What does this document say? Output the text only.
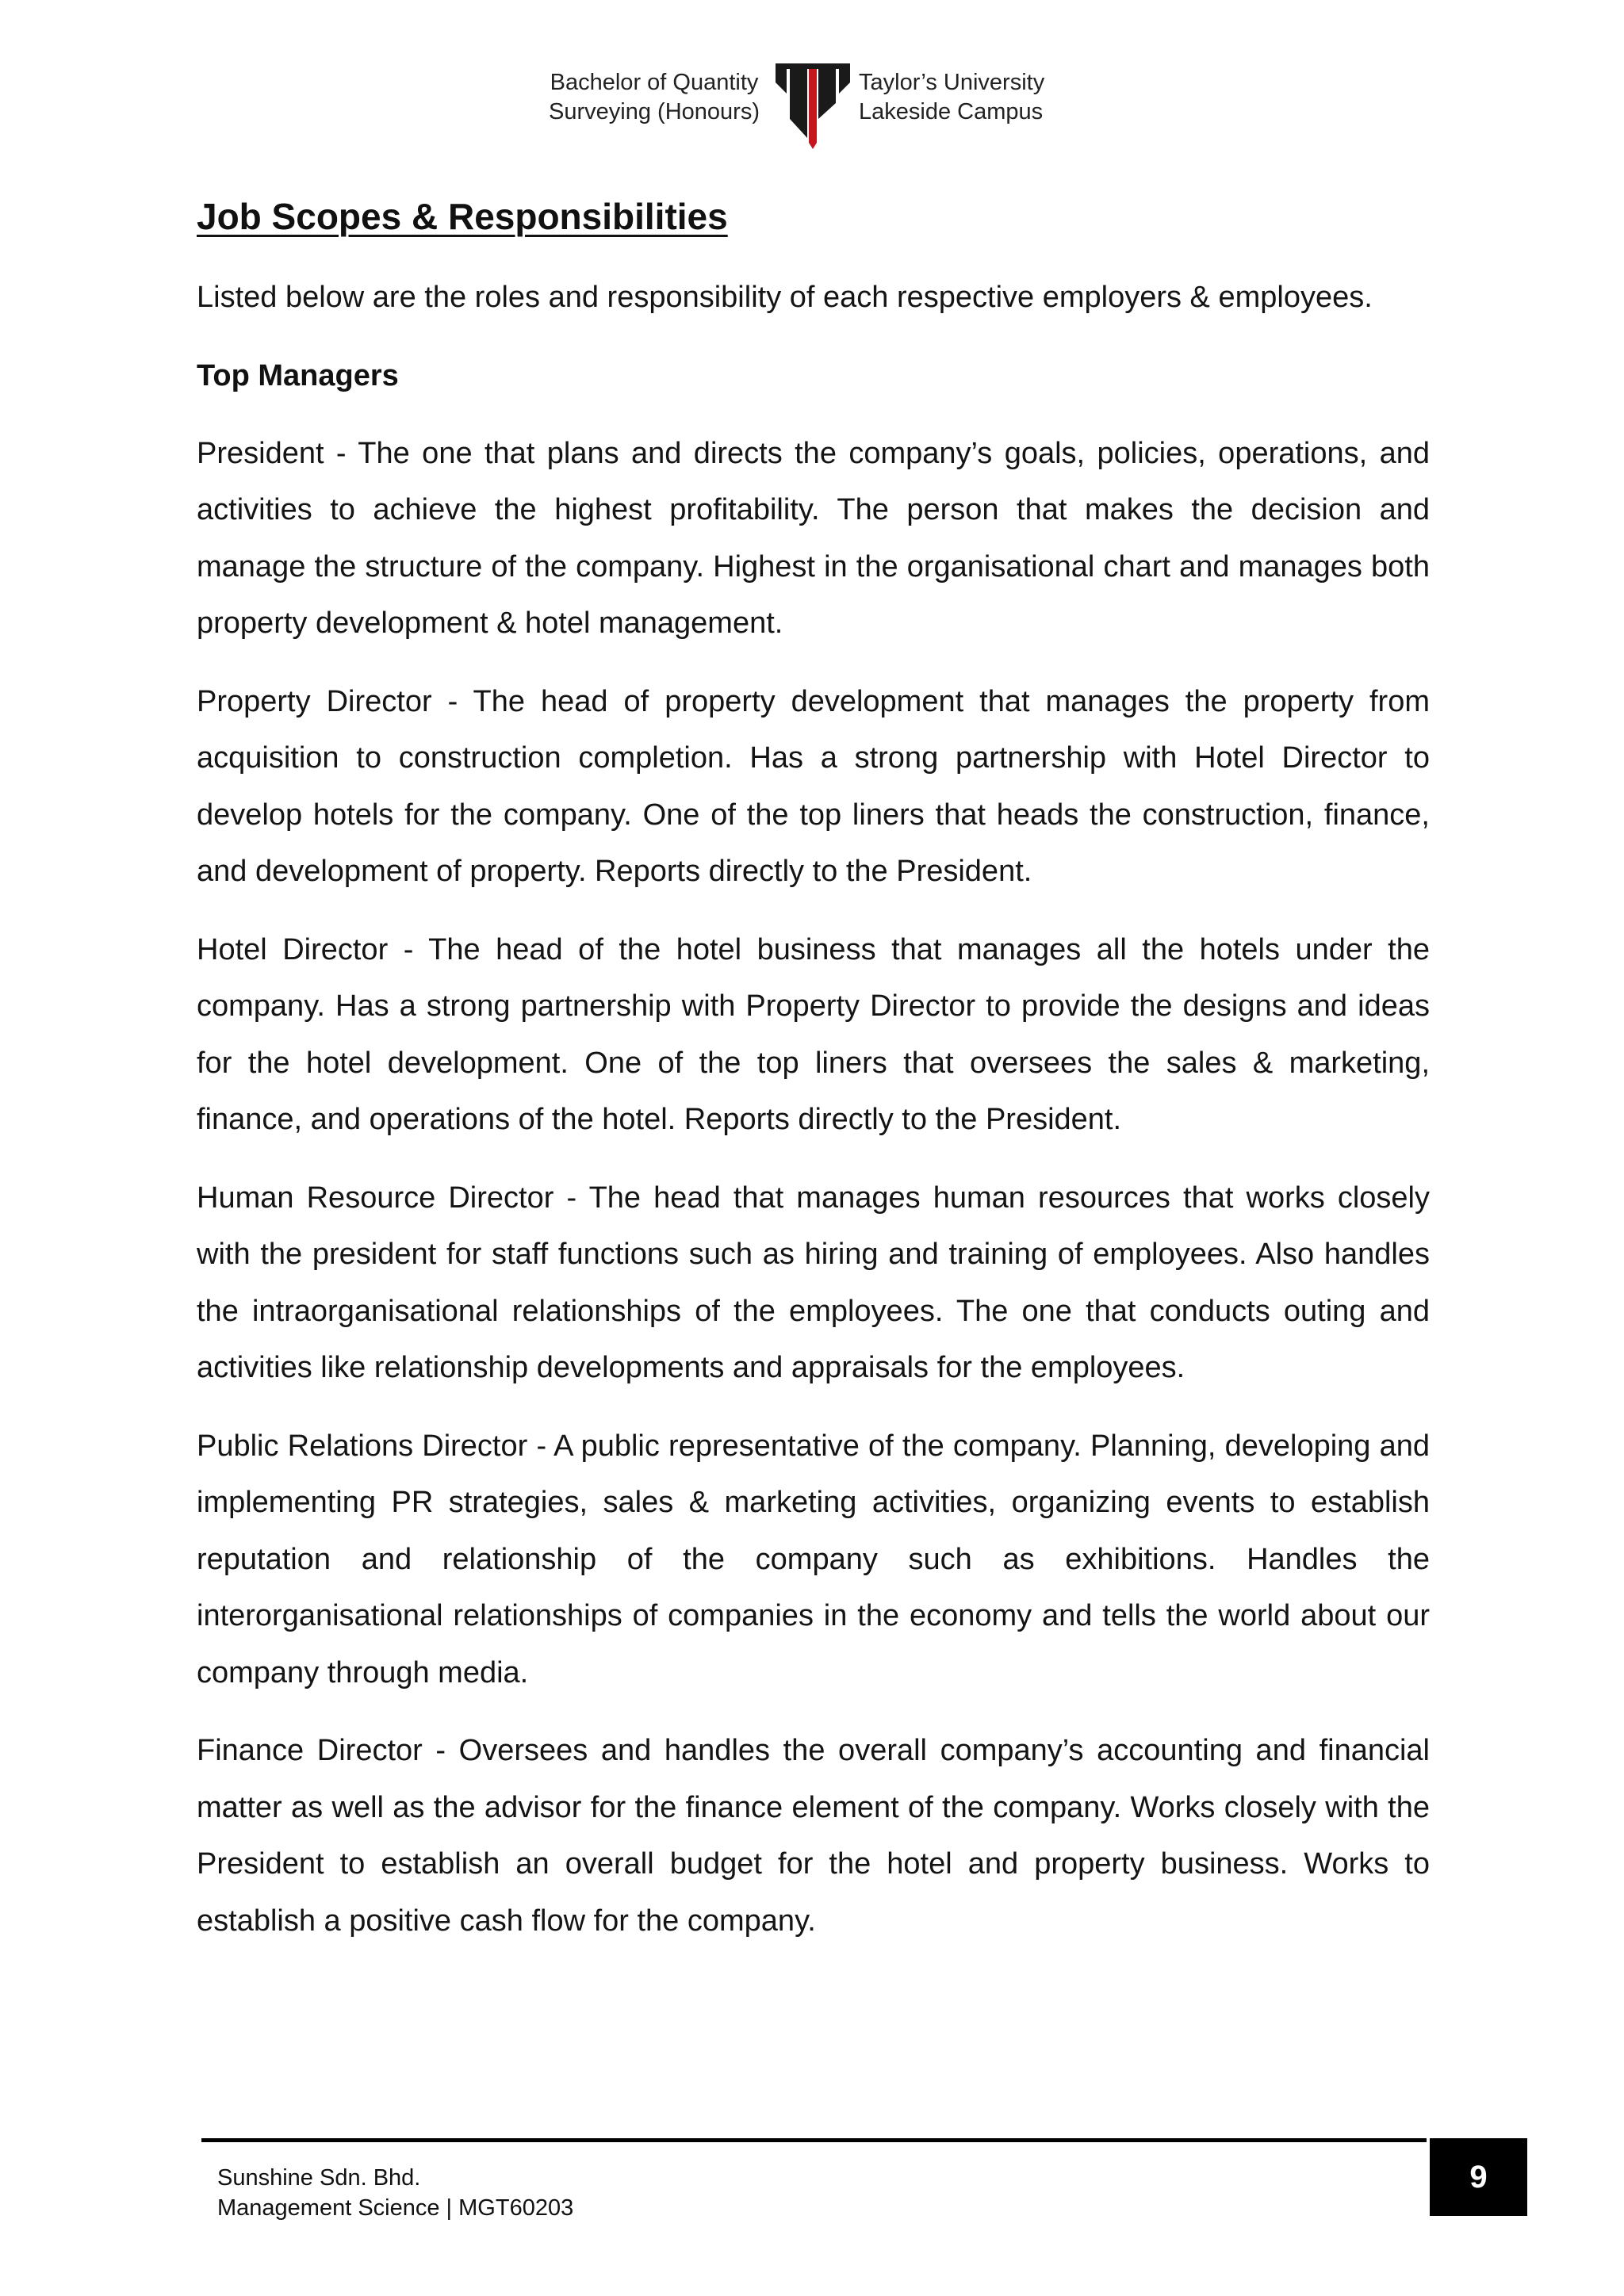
Bachelor of Quantity
Surveying (Honours)
Taylor’s University
Lakeside Campus
Job Scopes & Responsibilities

Listed below are the roles and responsibility of each respective employers & employees.

Top Managers

President - The one that plans and directs the company’s goals, policies, operations, and activities to achieve the highest profitability. The person that makes the decision and manage the structure of the company. Highest in the organisational chart and manages both property development & hotel management.

Property Director - The head of property development that manages the property from acquisition to construction completion. Has a strong partnership with Hotel Director to develop hotels for the company. One of the top liners that heads the construction, finance, and development of property. Reports directly to the President.

Hotel Director - The head of the hotel business that manages all the hotels under the company. Has a strong partnership with Property Director to provide the designs and ideas for the hotel development. One of the top liners that oversees the sales & marketing, finance, and operations of the hotel. Reports directly to the President.

Human Resource Director - The head that manages human resources that works closely with the president for staff functions such as hiring and training of employees. Also handles the intraorganisational relationships of the employees. The one that conducts outing and activities like relationship developments and appraisals for the employees.

Public Relations Director - A public representative of the company. Planning, developing and implementing PR strategies, sales & marketing activities, organizing events to establish reputation and relationship of the company such as exhibitions. Handles the interorganisational relationships of companies in the economy and tells the world about our company through media.

Finance Director - Oversees and handles the overall company’s accounting and financial matter as well as the advisor for the finance element of the company. Works closely with the President to establish an overall budget for the hotel and property business. Works to establish a positive cash flow for the company.

Sunshine Sdn. Bhd.
Management Science | MGT60203
9
